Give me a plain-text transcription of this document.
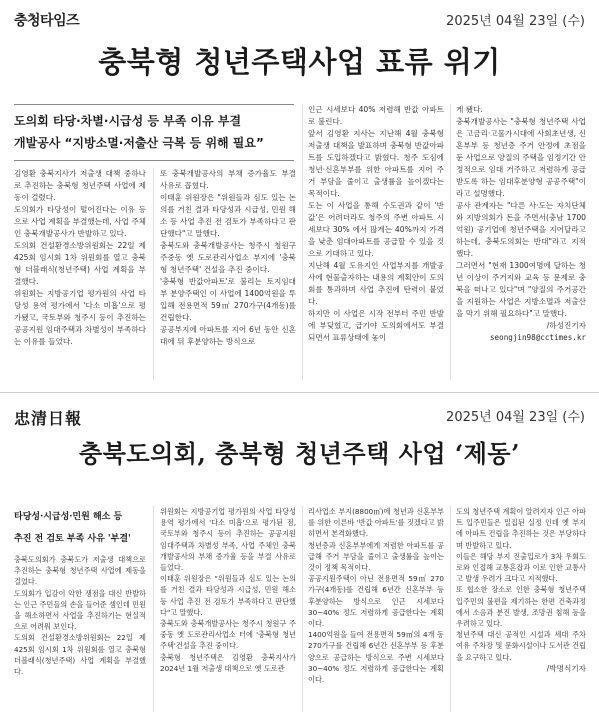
충청타임즈	2025년 04월 23일 (수)
충북형 청년주택사업 표류 위기
도의회 타당·차별·시급성 등 부족 이유 부결
개발공사 “지방소멸·저출산 극복 등 위해 필요”

김영환 충북지사가 저출생 대책 중하나로 추진하는 충북형 청년주택 사업에 제동이 걸렸다.

도의회가 타당성이 떨어진다는 이유 등으로 사업 계획을 부결했는데, 사업 주체인 충북개발공사가 반발하고 있다.

도의회 건설환경소방위원회는 22일 제425회 임시회 1차 위원회를 열고 충북형 더블래식(청년주택) 사업 계획을 부결했다.

위원회는 지방공기업 평가원의 사업 타당성 용역 평가에서 '다소 미흡'으로 평가됐고, 국토부와 청주시 등이 추진하는 공공지원 임대주택과 차별성이 부족하다는 이유를 들었다.

또 충북개발공사의 부채 증가율도 부결 사유로 꼽혔다.

이태훈 위원장은 "위원들과 심도 있는 논의를 거친 결과 타당성과 시급성, 민원 해소 등 사업 추진 전 검토가 부족하다고 판단했다"고 말했다.

충북도와 충북개발공사는 청주시 청원구 주중동 옛 도로관리사업소 부지에 '충북형 청년주택' 건설을 추진 중이다.

'충북형 반값아파트'로 불리는 토지임대부 분양주택인 이 사업에 1400억원을 투입해 전용면적 59㎡ 270가구(4개동)를 건립한다.

공공부지에 아파트를 지어 6년 동안 신혼대에 뒤 후분양하는 방식으로

인근 시세보다 40% 저렴해 반값 아파트로 불린다.

앞서 김영환 지사는 지난해 4월 충북형 저출생 대책을 발표하며 충북형 반값아파트를 도입하겠다고 밝혔다. 청주 도심에 청년·신혼부부를 위한 아파트를 지어 주거 부담을 줄이고 출생률을 높이겠다는 목적이다.

도는 이 사업을 통해 수도권과 같이 '반값'은 어려더라도 청주의 주변 아파트 시세보다 30% 에서 많게는 40%까지 가격을 낮춘 임대아파트를 공급할 수 있을 것으로 기대하고 있다.

지난해 4월 도유지인 사업부지를 개발공사에 현물출자하는 내용의 계획안이 도의회를 통과하며 사업 추진에 탄력이 붙었다.

하지만 이 사업은 시작 전부터 주민 반발에 부딪혔고, 급기야 도의회에서도 부결되면서 표류상태에 놓이

게 됐다.

충북개발공사는 "충북형 청년주택 사업은 고금리·고물가시대에 사회초년생, 신혼부부 등 청년층 주거 안정에 초점을 둔 사업으로 양질의 주택을 임정기간 안정적으로 임대 거주하고 저렴하게 공급받도록 하는 임대후분양형 공공주택"이라고 설명했다.

공사 관계자는 "다른 사·도는 자치단체와 지방의회가 돈을 주면서(충남 1700억원) 공기업에 청년주택을 지어달라고 하는데, 충북도의회는 반대"라고 지적했다.

그러면서 "현재 1300여명에 달하는 청년 이상이 주거지와 교육 등 문제로 충북을 떠나고 있다"며 "양질의 주거공간을 지원하는 사업은 지방소멸과 저출산을 막기 위해 필요하다"고 말했다.

/하성진기자
seongjin98@cctimes.kr
忠清日報	2025년 04월 23일 (수)
충북도의회, 충북형 청년주택 사업 ‘제동’
타당성·시급성·민원 해소 등
추진 전 검토 부족 사유 '부결'

충북도의회가 충북도가 저출생 대책으로 추진하는 충북형 청년주택 사업에 제동을 걸었다.

도의회가 입감이 악한 쟁점을 대신 반발하는 인근 주민들의 손을 들어준 셈인데 민원을 해소하면서 사업을 추진하기는 현실적으로 어려워 보인다.

도의회 건설환경소방위원회는 22일 제425회 임시회 1차 위원회를 열고 충북형 더블래식(청년주택) 사업 계획을 부결했다.

위원회는 지방공기업 평가원의 사업 타당성 용역 평가에서 '다소 미흡'으로 평가된 점, 국토부와 청주시 등이 추진하는 공공지원 임대주택과 차별성 부족, 사업 주체인 충북개발공사의 부채 증가율 등을 부결 사유로 들었다.

이태훈 위원장은 "위원들과 심도 있는 논의를 거친 결과 타당성과 시급성, 민원 해소 등 사업 추진 전 검토가 부족하다고 판단했다"고 말했다.

충북도와 충북개발공사는 청주시 청원구 주중동 옛 도로관리사업소 터에 '충북형 청년주택'건설을 추진 중이다.

충북형 청년주택은 김영환 충북지사가 2024년 1월 저출생 대책으로 옛 도로관

리사업소 부지(8800㎡)에 청년과 신혼부부를 위한 이른바 '반값 아파트'를 짓겠다고 밝히면서 본격화했다.

청년층과 신혼부부에게 저렴한 아파트를 공급해 주거 부담을 줄이고 출생률을 높이는 것이 정책 목적이다.

공공지원주택이 아닌 전용면적 59㎡ 270가구(4개동)를 건립해 6년간 신혼부부 등 후분양하는 방식으로 인근 시세보다 30~40% 정도 저렴하게 공급한다는 계획이다.

1400억원을 들여 전용면적 59㎡의 4개 동 270가구를 건립해 6년간 신혼부부 등 후분양으로 공급하는 방식으로 주변 시세보다 30~40% 정도 저렴하게 공급한다는 계획이다.

도의 청년주택 계획이 알려지자 인근 아파트 입주민들은 밀집된 실정 인데 옛 부지에 아파트 건립을 추진하는 것은 부당하다며 반발하고 있다.

이들은 해당 부지 진출입로가 3차 우회도로와 인접해 교통혼잡과 이로 인한 교통사고 발생 우려가 크다고 지적했다.

또 협소한 장소로 인한 충북형 청년주택 입주민의 불편을 제기하는 한편 건축과정에서 소음과 분진 발생, 조망권 침해 등을 우려하고 있다.

청년주택 대신 공적인 시설과 세대 주차 여유 주차장 및 문화시설이나 도서관 건립을 요구하고 있다.

/박명식기자
